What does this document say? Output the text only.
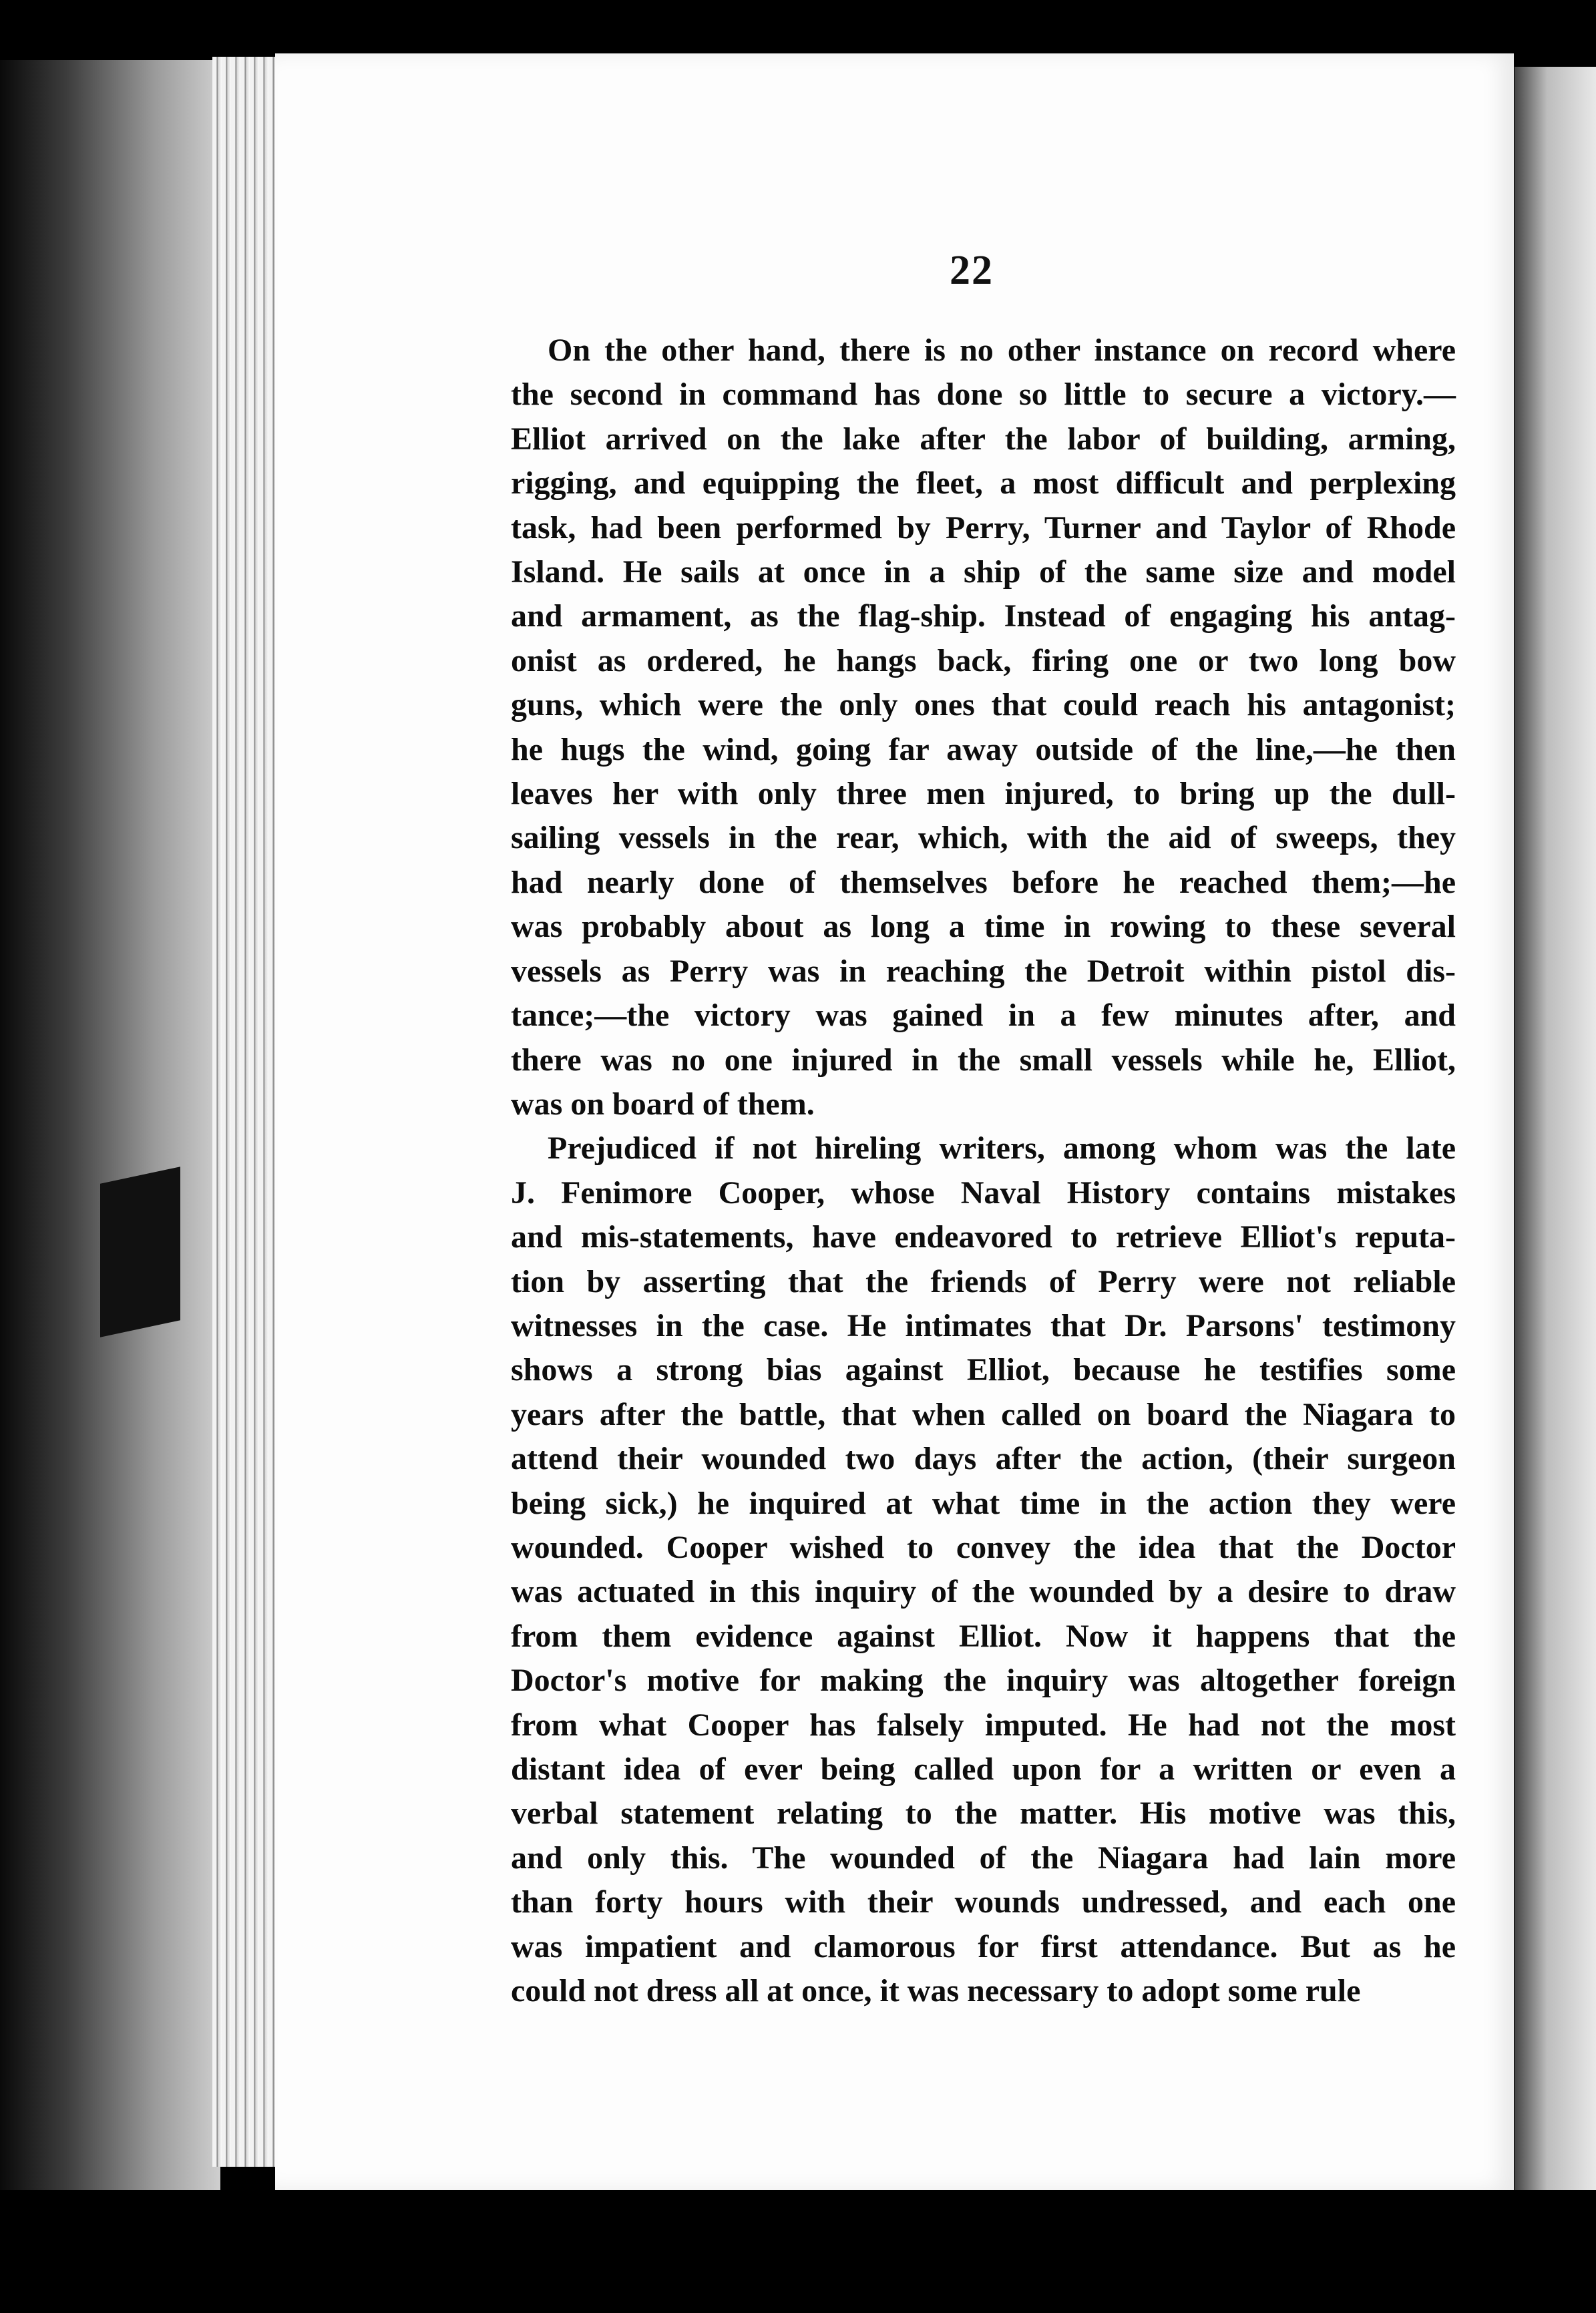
22

On the other hand, there is no other instance on record where
the second in command has done so little to secure a victory.—
Elliot arrived on the lake after the labor of building, arming,
rigging, and equipping the fleet, a most difficult and perplexing
task, had been performed by Perry, Turner and Taylor of Rhode
Island. He sails at once in a ship of the same size and model
and armament, as the flag-ship. Instead of engaging his antag-
onist as ordered, he hangs back, firing one or two long bow
guns, which were the only ones that could reach his antagonist;
he hugs the wind, going far away outside of the line,—he then
leaves her with only three men injured, to bring up the dull-
sailing vessels in the rear, which, with the aid of sweeps, they
had nearly done of themselves before he reached them;—he
was probably about as long a time in rowing to these several
vessels as Perry was in reaching the Detroit within pistol dis-
tance;—the victory was gained in a few minutes after, and
there was no one injured in the small vessels while he, Elliot,
was on board of them.

Prejudiced if not hireling writers, among whom was the late
J. Fenimore Cooper, whose Naval History contains mistakes
and mis-statements, have endeavored to retrieve Elliot's reputa-
tion by asserting that the friends of Perry were not reliable
witnesses in the case. He intimates that Dr. Parsons' testimony
shows a strong bias against Elliot, because he testifies some
years after the battle, that when called on board the Niagara to
attend their wounded two days after the action, (their surgeon
being sick,) he inquired at what time in the action they were
wounded. Cooper wished to convey the idea that the Doctor
was actuated in this inquiry of the wounded by a desire to draw
from them evidence against Elliot. Now it happens that the
Doctor's motive for making the inquiry was altogether foreign
from what Cooper has falsely imputed. He had not the most
distant idea of ever being called upon for a written or even a
verbal statement relating to the matter. His motive was this,
and only this. The wounded of the Niagara had lain more
than forty hours with their wounds undressed, and each one
was impatient and clamorous for first attendance. But as he
could not dress all at once, it was necessary to adopt some rule
